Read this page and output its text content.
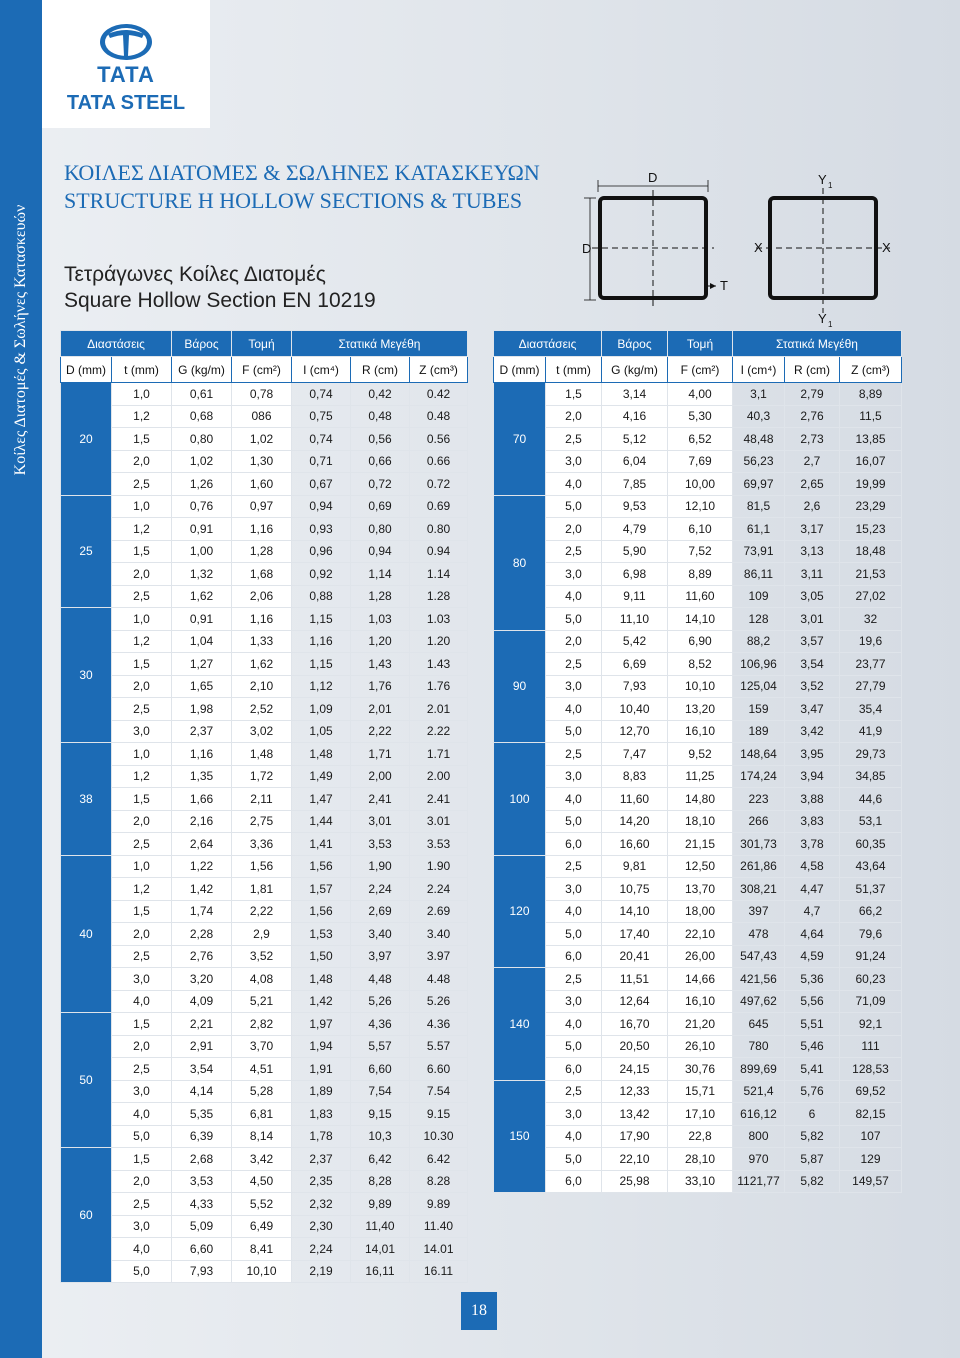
Κοίλες Διατομές & Σωλήνες Κατασκευών
TATA
TATA STEEL
ΚΟΙΛΕΣ ΔΙΑΤΟΜΕΣ & ΣΩΛΗΝΕΣ ΚΑΤΑΣΚΕΥΩΝ
STRUCTURE H HOLLOW SECTIONS & TUBES
Τετράγωνες Κοίλες Διατομές
Square Hollow Section EN 10219
D
D
T
Y 1
Y 1
X	X
Διαστάσεις		Βάρος	Τομή	Στατικά Μεγέθη		
D (mm)	t (mm)	G (kg/m)	F (cm²)	I (cm⁴)	R (cm)	Z (cm³)
20	1,0	0,61	0,78	0,74	0,42	0.42
	1,2	0,68	086	0,75	0,48	0.48
	1,5	0,80	1,02	0,74	0,56	0.56
	2,0	1,02	1,30	0,71	0,66	0.66
	2,5	1,26	1,60	0,67	0,72	0.72
25	1,0	0,76	0,97	0,94	0,69	0.69
	1,2	0,91	1,16	0,93	0,80	0.80
	1,5	1,00	1,28	0,96	0,94	0.94
	2,0	1,32	1,68	0,92	1,14	1.14
	2,5	1,62	2,06	0,88	1,28	1.28
30	1,0	0,91	1,16	1,15	1,03	1.03
	1,2	1,04	1,33	1,16	1,20	1.20
	1,5	1,27	1,62	1,15	1,43	1.43
	2,0	1,65	2,10	1,12	1,76	1.76
	2,5	1,98	2,52	1,09	2,01	2.01
	3,0	2,37	3,02	1,05	2,22	2.22
38	1,0	1,16	1,48	1,48	1,71	1.71
	1,2	1,35	1,72	1,49	2,00	2.00
	1,5	1,66	2,11	1,47	2,41	2.41
	2,0	2,16	2,75	1,44	3,01	3.01
	2,5	2,64	3,36	1,41	3,53	3.53
40	1,0	1,22	1,56	1,56	1,90	1.90
	1,2	1,42	1,81	1,57	2,24	2.24
	1,5	1,74	2,22	1,56	2,69	2.69
	2,0	2,28	2,9	1,53	3,40	3.40
	2,5	2,76	3,52	1,50	3,97	3.97
	3,0	3,20	4,08	1,48	4,48	4.48
	4,0	4,09	5,21	1,42	5,26	5.26
50	1,5	2,21	2,82	1,97	4,36	4.36
	2,0	2,91	3,70	1,94	5,57	5.57
	2,5	3,54	4,51	1,91	6,60	6.60
	3,0	4,14	5,28	1,89	7,54	7.54
	4,0	5,35	6,81	1,83	9,15	9.15
	5,0	6,39	8,14	1,78	10,3	10.30
60	1,5	2,68	3,42	2,37	6,42	6.42
	2,0	3,53	4,50	2,35	8,28	8.28
	2,5	4,33	5,52	2,32	9,89	9.89
	3,0	5,09	6,49	2,30	11,40	11.40
	4,0	6,60	8,41	2,24	14,01	14.01
	5,0	7,93	10,10	2,19	16,11	16.11
Διαστάσεις		Βάρος	Τομή	Στατικά Μεγέθη		
D (mm)	t (mm)	G (kg/m)	F (cm²)	I (cm⁴)	R (cm)	Z (cm³)
70	1,5	3,14	4,00	3,1	2,79	8,89
	2,0	4,16	5,30	40,3	2,76	11,5
	2,5	5,12	6,52	48,48	2,73	13,85
	3,0	6,04	7,69	56,23	2,7	16,07
	4,0	7,85	10,00	69,97	2,65	19,99
80	5,0	9,53	12,10	81,5	2,6	23,29
	2,0	4,79	6,10	61,1	3,17	15,23
	2,5	5,90	7,52	73,91	3,13	18,48
	3,0	6,98	8,89	86,11	3,11	21,53
	4,0	9,11	11,60	109	3,05	27,02
	5,0	11,10	14,10	128	3,01	32
90	2,0	5,42	6,90	88,2	3,57	19,6
	2,5	6,69	8,52	106,96	3,54	23,77
	3,0	7,93	10,10	125,04	3,52	27,79
	4,0	10,40	13,20	159	3,47	35,4
	5,0	12,70	16,10	189	3,42	41,9
100	2,5	7,47	9,52	148,64	3,95	29,73
	3,0	8,83	11,25	174,24	3,94	34,85
	4,0	11,60	14,80	223	3,88	44,6
	5,0	14,20	18,10	266	3,83	53,1
	6,0	16,60	21,15	301,73	3,78	60,35
120	2,5	9,81	12,50	261,86	4,58	43,64
	3,0	10,75	13,70	308,21	4,47	51,37
	4,0	14,10	18,00	397	4,7	66,2
	5,0	17,40	22,10	478	4,64	79,6
	6,0	20,41	26,00	547,43	4,59	91,24
140	2,5	11,51	14,66	421,56	5,36	60,23
	3,0	12,64	16,10	497,62	5,56	71,09
	4,0	16,70	21,20	645	5,51	92,1
	5,0	20,50	26,10	780	5,46	111
	6,0	24,15	30,76	899,69	5,41	128,53
150	2,5	12,33	15,71	521,4	5,76	69,52
	3,0	13,42	17,10	616,12	6	82,15
	4,0	17,90	22,8	800	5,82	107
	5,0	22,10	28,10	970	5,87	129
	6,0	25,98	33,10	1121,77	5,82	149,57
18
